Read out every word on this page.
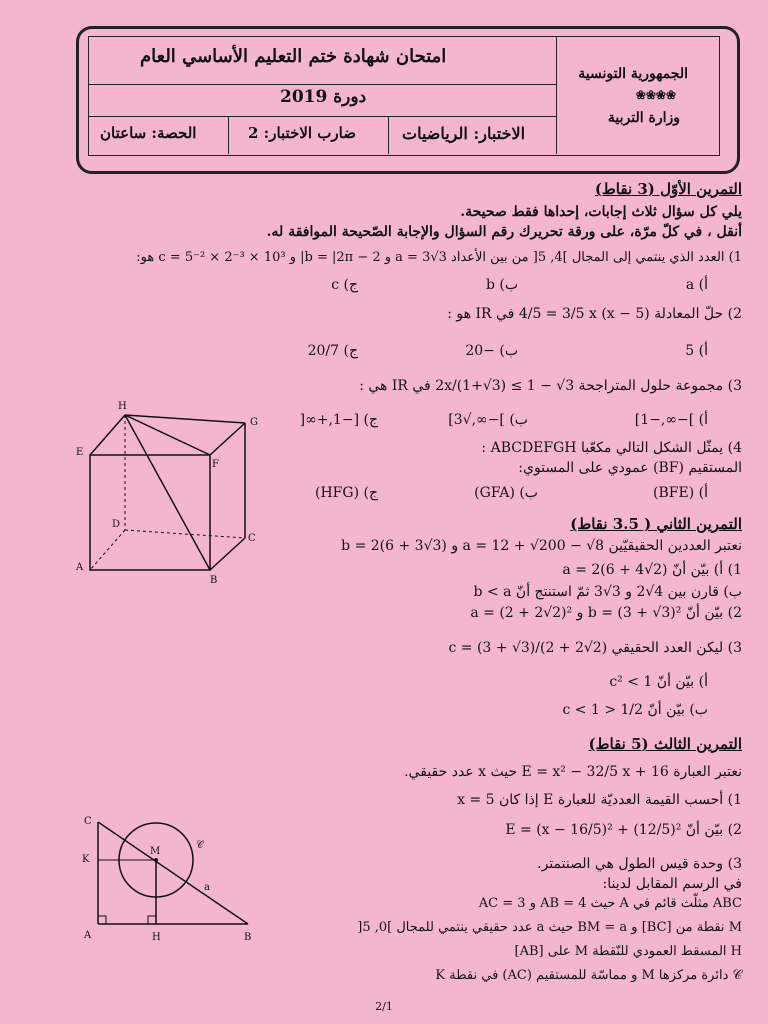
الجمهورية التونسية
❀❀❀❀
وزارة التربية
امتحان شهادة ختم التعليم الأساسي العام
دورة 2019
الاختبار: الرياضيات
ضارب الاختبار: 2
الحصة: ساعتان
التمرين الأوّل (3 نقاط)
يلي كل سؤال ثلاث إجابات، إحداها فقط صحيحة.
أنقل ، في كلّ مرّة، على ورقة تحريرك رقم السؤال والإجابة الصّحيحة الموافقة له.
1) العدد الذي ينتمي إلى المجال ]4, 5[ من بين الأعداد a = 3√3 و b = |2π − 2| و c = 5⁻² × 2⁻³ × 10³ هو:
أ) a
ب) b
ج) c
2) حلّ المعادلة (5 − x) 4/5 = 3/5 x في IR هو :
أ) 5
ب) −20
ج) 20/7
3) مجموعة حلول المتراجحة 2x/(1+√3) ≤ 1 − √3 في IR هي :
أ) ]−∞,−1]
ب) ]−∞,√3]
ج) [−1,+∞[
4) يمثّل الشكل التالي مكعّبا ABCDEFGH :
المستقيم (BF) عمودي على المستوي:
أ) (BFE)
ب) (GFA)
ج) (HFG)
H
G
E
F
D
C
A
B
التمرين الثاني ( 3.5 نقاط)
نعتبر العددين الحقيقيّين a = 12 + √200 − √8 و b = 2(6 + 3√3)
1) أ) بيّن أنّ a = 2(6 + 4√2)
ب) قارن بين 4√2 و 3√3 ثمّ استنتج أنّ b < a
2) بيّن أنّ b = (3 + √3)² و a = (2 + 2√2)²
3) ليكن العدد الحقيقي c = (3 + √3)/(2 + 2√2)
أ) بيّن أنّ c² < 1
ب) بيّن أنّ 1/2 < c < 1
التمرين الثالث (5 نقاط)
نعتبر العبارة E = x² − 32/5 x + 16 حيث x عدد حقيقي.
1) أحسب القيمة العدديّة للعبارة E إذا كان x = 5
2) بيّن أنّ E = (x − 16/5)² + (12/5)²
3) وحدة قيس الطول هي الصنتمتر.
في الرسم المقابل لدينا:
ABC مثلّث قائم في A حيث AB = 4 و AC = 3
M نقطة من [BC] و BM = a حيث a عدد حقيقي ينتمي للمجال ]0, 5[
H المسقط العمودي للنّقطة M على [AB]
𝒞 دائرة مركزها M و مماسّة للمستقيم (AC) في نقطة K
C
K
M
𝒞
a
A	H	B
2/1
